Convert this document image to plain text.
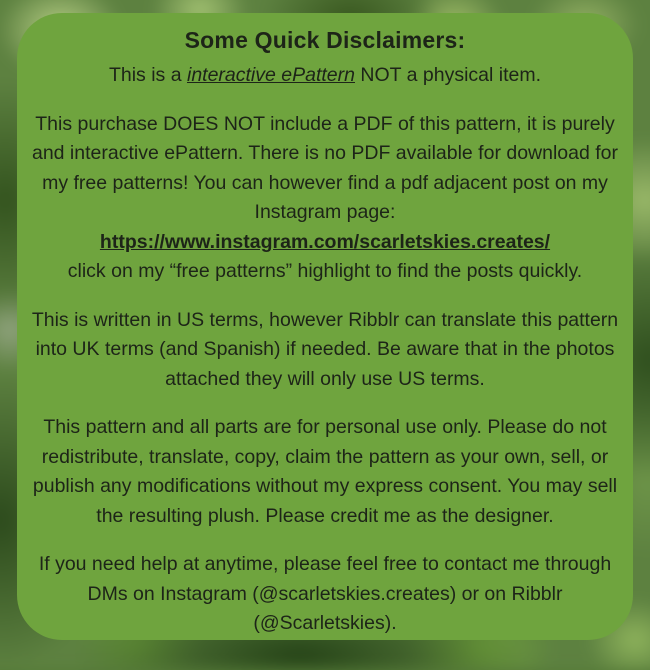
Some Quick Disclaimers:

This is a interactive ePattern NOT a physical item.

This purchase DOES NOT include a PDF of this pattern, it is purely and interactive ePattern. There is no PDF available for download for my free patterns! You can however find a pdf adjacent post on my Instagram page:

https://www.instagram.com/scarletskies.creates/

click on my “free patterns” highlight to find the posts quickly.

This is written in US terms, however Ribblr can translate this pattern into UK terms (and Spanish) if needed. Be aware that in the photos attached they will only use US terms.

This pattern and all parts are for personal use only. Please do not redistribute, translate, copy, claim the pattern as your own, sell, or publish any modifications without my express consent. You may sell the resulting plush. Please credit me as the designer.

If you need help at anytime, please feel free to contact me through DMs on Instagram (@scarletskies.creates) or on Ribblr (@Scarletskies).
